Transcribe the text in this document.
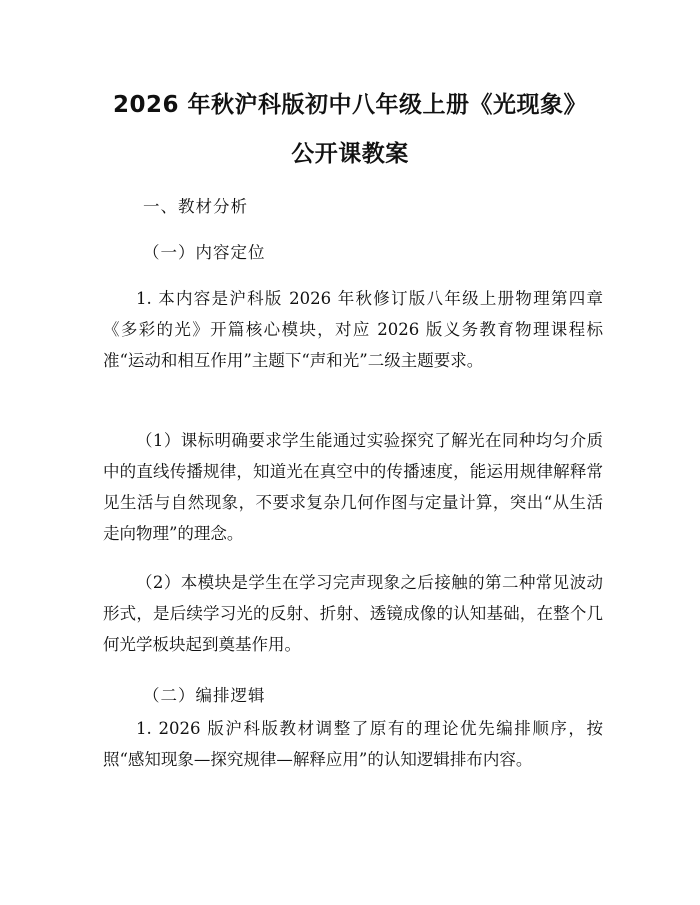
2026 年秋沪科版初中八年级上册《光现象》
公开课教案
一、教材分析
（一）内容定位

1. 本内容是沪科版 2026 年秋修订版八年级上册物理第四章《多彩的光》开篇核心模块，对应 2026 版义务教育物理课程标准“运动和相互作用”主题下“声和光”二级主题要求。

（1）课标明确要求学生能通过实验探究了解光在同种均匀介质中的直线传播规律，知道光在真空中的传播速度，能运用规律解释常见生活与自然现象，不要求复杂几何作图与定量计算，突出“从生活走向物理”的理念。

（2）本模块是学生在学习完声现象之后接触的第二种常见波动形式，是后续学习光的反射、折射、透镜成像的认知基础，在整个几何光学板块起到奠基作用。

（二）编排逻辑

1. 2026 版沪科版教材调整了原有的理论优先编排顺序，按照“感知现象—探究规律—解释应用”的认知逻辑排布内容。
